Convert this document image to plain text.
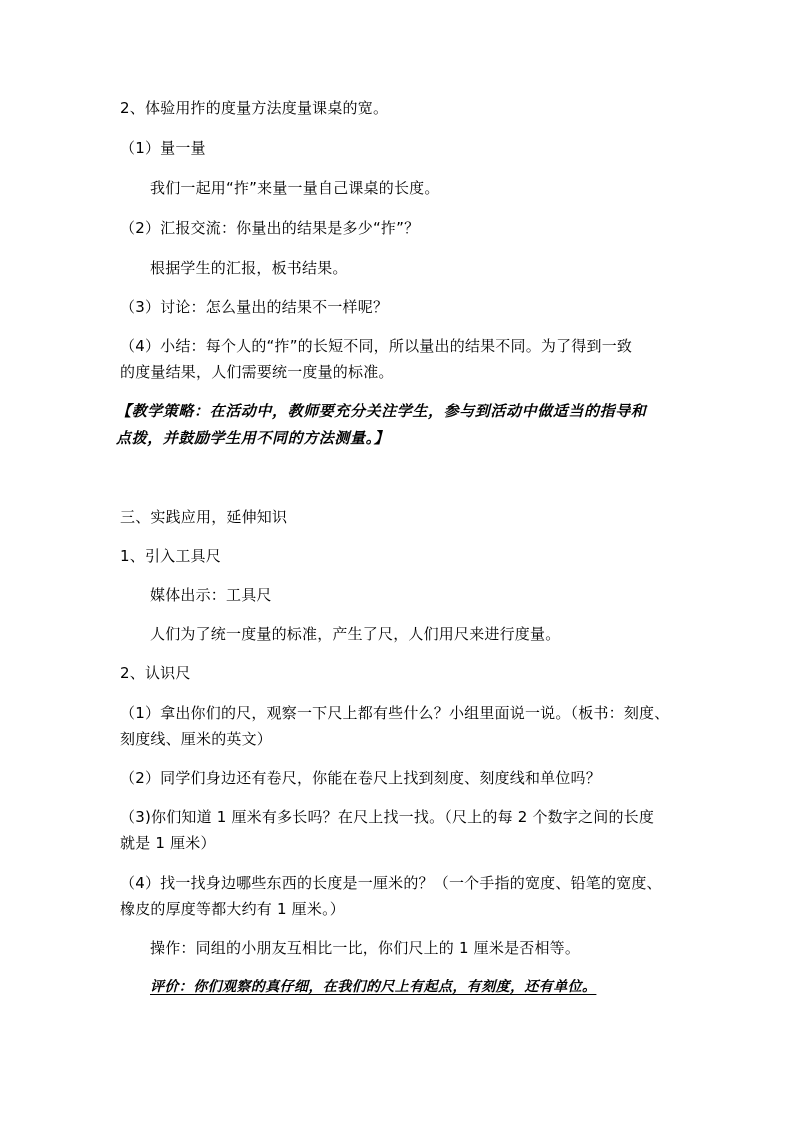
2、体验用拃的度量方法度量课桌的宽。
（1）量一量
我们一起用“拃”来量一量自己课桌的长度。
（2）汇报交流：你量出的结果是多少“拃”？
根据学生的汇报，板书结果。
（3）讨论：怎么量出的结果不一样呢？
（4）小结：每个人的“拃”的长短不同，所以量出的结果不同。为了得到一致
的度量结果，人们需要统一度量的标准。
【教学策略：在活动中，教师要充分关注学生，参与到活动中做适当的指导和
点拨，并鼓励学生用不同的方法测量。】
三、实践应用，延伸知识
1、引入工具尺
媒体出示：工具尺
人们为了统一度量的标准，产生了尺，人们用尺来进行度量。
2、认识尺
（1）拿出你们的尺，观察一下尺上都有些什么？小组里面说一说。（板书：刻度、
刻度线、厘米的英文）
（2）同学们身边还有卷尺，你能在卷尺上找到刻度、刻度线和单位吗？
（3)你们知道 1 厘米有多长吗？在尺上找一找。（尺上的每 2 个数字之间的长度
就是 1 厘米）
（4）找一找身边哪些东西的长度是一厘米的？（一个手指的宽度、铅笔的宽度、
橡皮的厚度等都大约有 1 厘米。）
操作：同组的小朋友互相比一比，你们尺上的 1 厘米是否相等。
评价：你们观察的真仔细，在我们的尺上有起点，有刻度，还有单位。
